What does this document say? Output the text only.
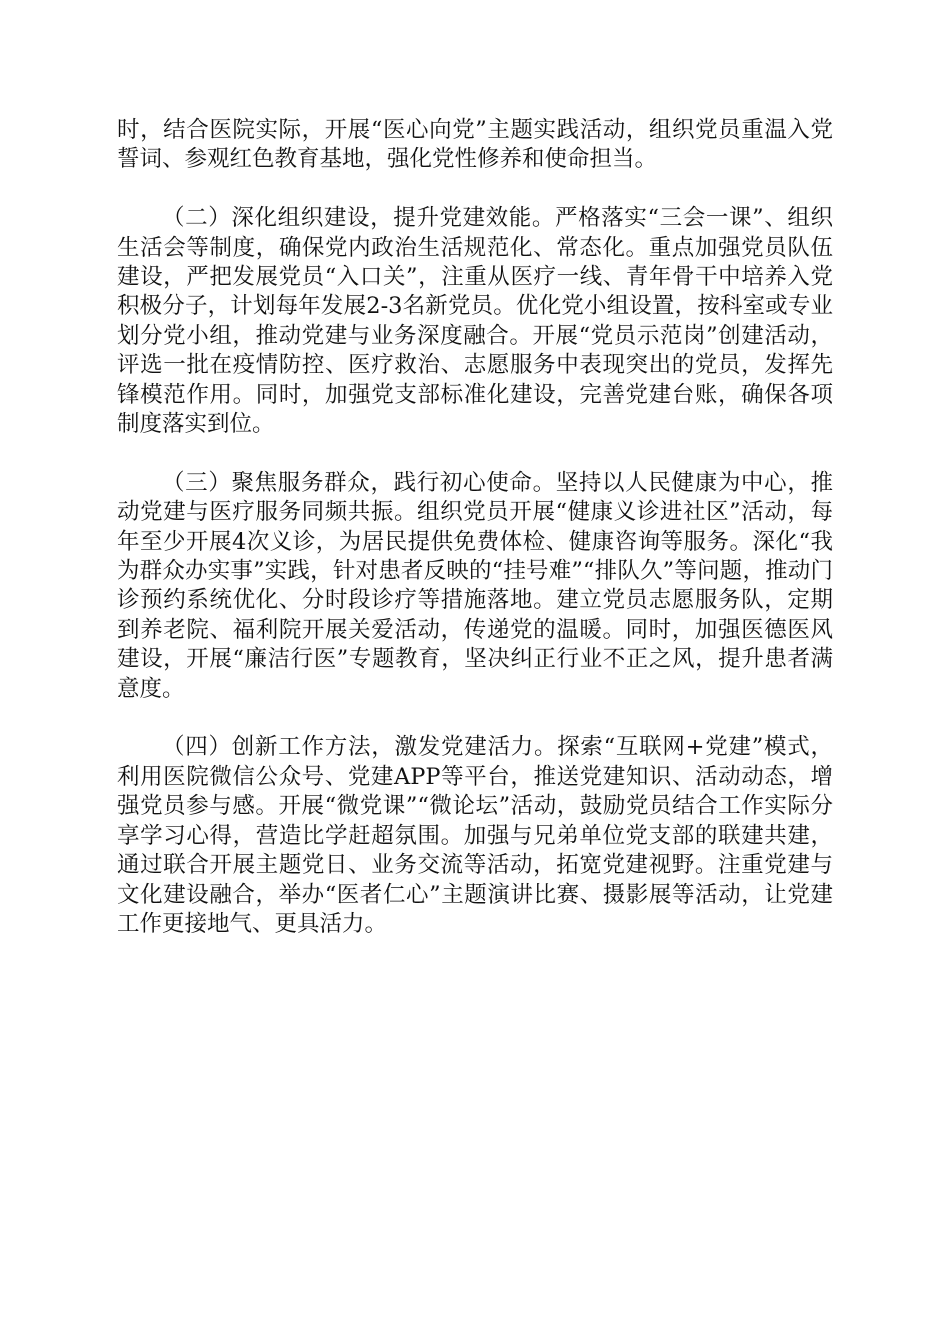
时，结合医院实际，开展“医心向党”主题实践活动，组织党员重温入党誓词、参观红色教育基地，强化党性修养和使命担当。

（二）深化组织建设，提升党建效能。严格落实“三会一课”、组织生活会等制度，确保党内政治生活规范化、常态化。重点加强党员队伍建设，严把发展党员“入口关”，注重从医疗一线、青年骨干中培养入党积极分子，计划每年发展2-3名新党员。优化党小组设置，按科室或专业划分党小组，推动党建与业务深度融合。开展“党员示范岗”创建活动，评选一批在疫情防控、医疗救治、志愿服务中表现突出的党员，发挥先锋模范作用。同时，加强党支部标准化建设，完善党建台账，确保各项制度落实到位。

（三）聚焦服务群众，践行初心使命。坚持以人民健康为中心，推动党建与医疗服务同频共振。组织党员开展“健康义诊进社区”活动，每年至少开展4次义诊，为居民提供免费体检、健康咨询等服务。深化“我为群众办实事”实践，针对患者反映的“挂号难”“排队久”等问题，推动门诊预约系统优化、分时段诊疗等措施落地。建立党员志愿服务队，定期到养老院、福利院开展关爱活动，传递党的温暖。同时，加强医德医风建设，开展“廉洁行医”专题教育，坚决纠正行业不正之风，提升患者满意度。

（四）创新工作方法，激发党建活力。探索“互联网+党建”模式，利用医院微信公众号、党建APP等平台，推送党建知识、活动动态，增强党员参与感。开展“微党课”“微论坛”活动，鼓励党员结合工作实际分享学习心得，营造比学赶超氛围。加强与兄弟单位党支部的联建共建，通过联合开展主题党日、业务交流等活动，拓宽党建视野。注重党建与文化建设融合，举办“医者仁心”主题演讲比赛、摄影展等活动，让党建工作更接地气、更具活力。
